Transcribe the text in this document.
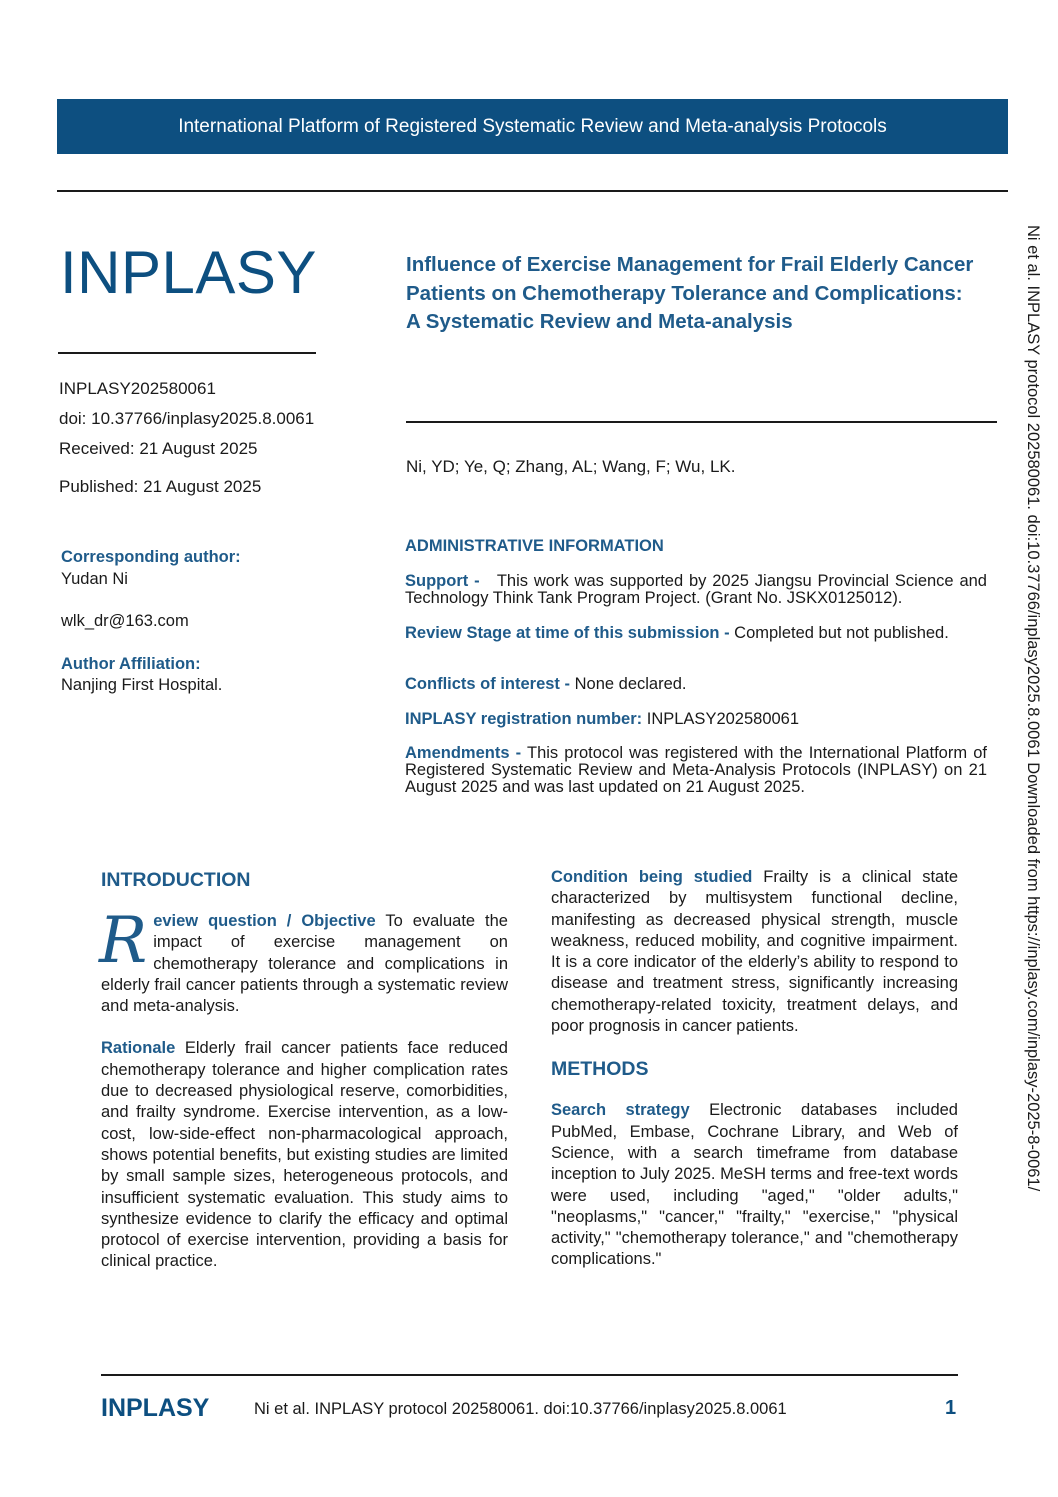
International Platform of Registered Systematic Review and Meta-analysis Protocols
INPLASY
INPLASY202580061
doi: 10.37766/inplasy2025.8.0061
Received: 21 August 2025
Published: 21 August 2025
Corresponding author:
Yudan Ni
wlk_dr@163.com
Author Affiliation:
Nanjing First Hospital.
Influence of Exercise Management for Frail Elderly Cancer Patients on Chemotherapy Tolerance and Complications: A Systematic Review and Meta-analysis
Ni, YD; Ye, Q; Zhang, AL; Wang, F; Wu, LK.
ADMINISTRATIVE INFORMATION
Support - This work was supported by 2025 Jiangsu Provincial Science and Technology Think Tank Program Project. (Grant No. JSKX0125012).
Review Stage at time of this submission - Completed but not published.
Conflicts of interest - None declared.
INPLASY registration number: INPLASY202580061
Amendments - This protocol was registered with the International Platform of Registered Systematic Review and Meta-Analysis Protocols (INPLASY) on 21 August 2025 and was last updated on 21 August 2025.	Ni et al. INPLASY protocol 202580061. doi:10.37766/inplasy2025.8.0061 Downloaded from https://inplasy.com/inplasy-2025-8-0061/
INTRODUCTION

R eview question / Objective To evaluate the impact of exercise management on chemotherapy tolerance and complications in elderly frail cancer patients through a systematic review and meta-analysis.

Rationale Elderly frail cancer patients face reduced chemotherapy tolerance and higher complication rates due to decreased physiological reserve, comorbidities, and frailty syndrome. Exercise intervention, as a low-cost, low-side-effect non-pharmacological approach, shows potential benefits, but existing studies are limited by small sample sizes, heterogeneous protocols, and insufficient systematic evaluation. This study aims to synthesize evidence to clarify the efficacy and optimal protocol of exercise intervention, providing a basis for clinical practice.

Condition being studied Frailty is a clinical state characterized by multisystem functional decline, manifesting as decreased physical strength, muscle weakness, reduced mobility, and cognitive impairment. It is a core indicator of the elderly’s ability to respond to disease and treatment stress, significantly increasing chemotherapy-related toxicity, treatment delays, and poor prognosis in cancer patients.

METHODS

Search strategy Electronic databases included PubMed, Embase, Cochrane Library, and Web of Science, with a search timeframe from database inception to July 2025. MeSH terms and free-text words were used, including "aged," "older adults," "neoplasms," "cancer," "frailty," "exercise," "physical activity," "chemotherapy tolerance," and "chemotherapy complications."

INPLASY	Ni et al. INPLASY protocol 202580061. doi:10.37766/inplasy2025.8.0061	1
